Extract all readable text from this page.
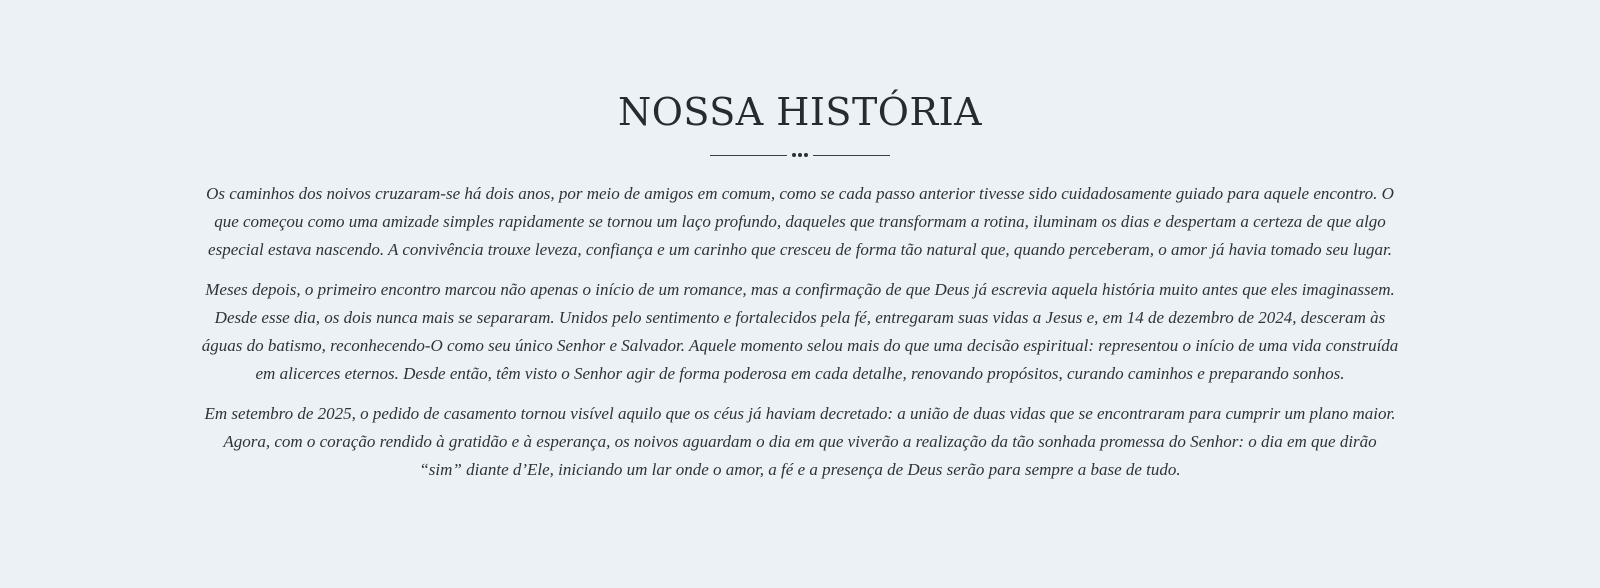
NOSSA HISTÓRIA

Os caminhos dos noivos cruzaram-se há dois anos, por meio de amigos em comum, como se cada passo anterior tivesse sido cuidadosamente guiado para aquele encontro. O que começou como uma amizade simples rapidamente se tornou um laço profundo, daqueles que transformam a rotina, iluminam os dias e despertam a certeza de que algo especial estava nascendo. A convivência trouxe leveza, confiança e um carinho que cresceu de forma tão natural que, quando perceberam, o amor já havia tomado seu lugar.

Meses depois, o primeiro encontro marcou não apenas o início de um romance, mas a confirmação de que Deus já escrevia aquela história muito antes que eles imaginassem. Desde esse dia, os dois nunca mais se separaram. Unidos pelo sentimento e fortalecidos pela fé, entregaram suas vidas a Jesus e, em 14 de dezembro de 2024, desceram às águas do batismo, reconhecendo-O como seu único Senhor e Salvador. Aquele momento selou mais do que uma decisão espiritual: representou o início de uma vida construída em alicerces eternos. Desde então, têm visto o Senhor agir de forma poderosa em cada detalhe, renovando propósitos, curando caminhos e preparando sonhos.

Em setembro de 2025, o pedido de casamento tornou visível aquilo que os céus já haviam decretado: a união de duas vidas que se encontraram para cumprir um plano maior. Agora, com o coração rendido à gratidão e à esperança, os noivos aguardam o dia em que viverão a realização da tão sonhada promessa do Senhor: o dia em que dirão “sim” diante d’Ele, iniciando um lar onde o amor, a fé e a presença de Deus serão para sempre a base de tudo.
